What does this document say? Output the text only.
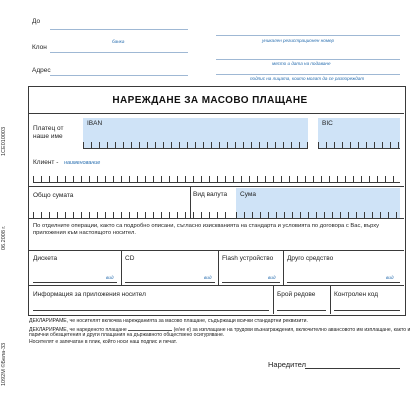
До
Клон
Адрес
банка	уникален регистрационен номер
място и дата на подаване
подпис на лицата, които могат да се разпореждат
1СЕ010003
06.2008 г.
1092M ©Бела-33
НАРЕЖДАНЕ ЗА МАСОВО ПЛАЩАНЕ
Платец от наше име
IBAN	BIC
Клиент - наименование
Общо сумата	Вид валута	Сума
По отделните операции, както са подробно описани, съгласно изискванията на стандарта и условията по договора с Вас, върху приложения към настоящото носител.
Дискета
вид
CD
вид
Flash устройство
вид
Друго средство
вид
Информация за приложения носител	Брой редове	Контролен код
ДЕКЛАРИРАМЕ, че носителят включва нарежданията за масово плащане, съдържащи всички стандартни реквизити.
ДЕКЛАРИРАМЕ, че нареденото плащане	(е/не е) за изплащане на трудови възнаграждения, включително авансовото им изплащане, както и
парични обезщетения и други плащания на държавното обществено осигуряване.
Носителят е запечатан в плик, който носи наш подпис и печат.
Наредител
